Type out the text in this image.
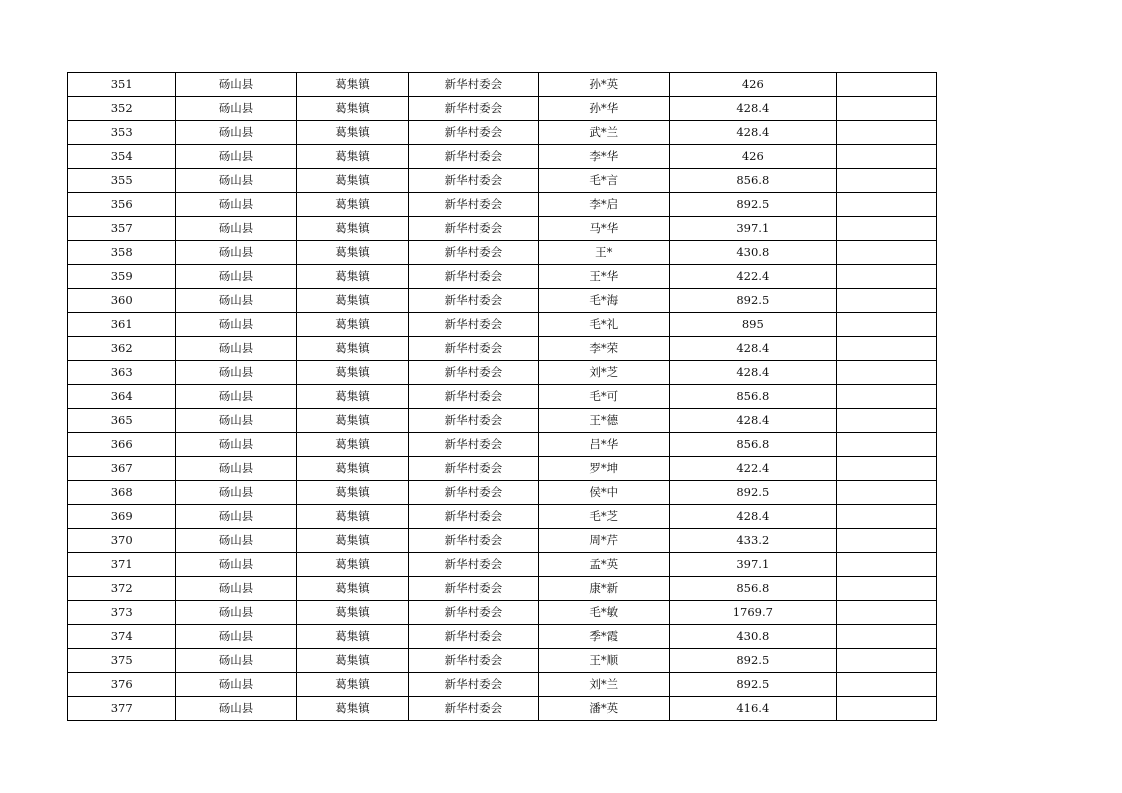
351	砀山县	葛集镇	新华村委会	孙*英	426	
352	砀山县	葛集镇	新华村委会	孙*华	428.4	
353	砀山县	葛集镇	新华村委会	武*兰	428.4	
354	砀山县	葛集镇	新华村委会	李*华	426	
355	砀山县	葛集镇	新华村委会	毛*言	856.8	
356	砀山县	葛集镇	新华村委会	李*启	892.5	
357	砀山县	葛集镇	新华村委会	马*华	397.1	
358	砀山县	葛集镇	新华村委会	王*	430.8	
359	砀山县	葛集镇	新华村委会	王*华	422.4	
360	砀山县	葛集镇	新华村委会	毛*海	892.5	
361	砀山县	葛集镇	新华村委会	毛*礼	895	
362	砀山县	葛集镇	新华村委会	李*荣	428.4	
363	砀山县	葛集镇	新华村委会	刘*芝	428.4	
364	砀山县	葛集镇	新华村委会	毛*可	856.8	
365	砀山县	葛集镇	新华村委会	王*德	428.4	
366	砀山县	葛集镇	新华村委会	吕*华	856.8	
367	砀山县	葛集镇	新华村委会	罗*坤	422.4	
368	砀山县	葛集镇	新华村委会	侯*中	892.5	
369	砀山县	葛集镇	新华村委会	毛*芝	428.4	
370	砀山县	葛集镇	新华村委会	周*芹	433.2	
371	砀山县	葛集镇	新华村委会	孟*英	397.1	
372	砀山县	葛集镇	新华村委会	康*新	856.8	
373	砀山县	葛集镇	新华村委会	毛*敏	1769.7	
374	砀山县	葛集镇	新华村委会	季*霞	430.8	
375	砀山县	葛集镇	新华村委会	王*顺	892.5	
376	砀山县	葛集镇	新华村委会	刘*兰	892.5	
377	砀山县	葛集镇	新华村委会	潘*英	416.4	
